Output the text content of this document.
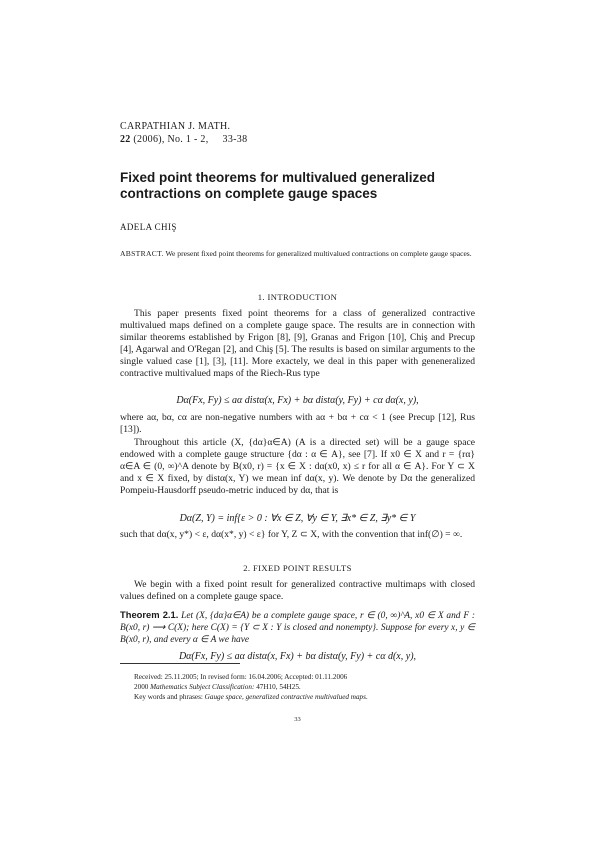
CARPATHIAN J. MATH.
22 (2006), No. 1 - 2, 33-38
Fixed point theorems for multivalued generalized contractions on complete gauge spaces
ADELA CHIŞ
ABSTRACT. We present fixed point theorems for generalized multivalued contractions on complete gauge spaces.
1. INTRODUCTION
This paper presents fixed point theorems for a class of generalized contractive multivalued maps defined on a complete gauge space. The results are in connection with similar theorems established by Frigon [8], [9], Granas and Frigon [10], Chiş and Precup [4], Agarwal and O'Regan [2], and Chiş [5]. The results is based on similar arguments to the single valued case [1], [3], [11]. More exactely, we deal in this paper with geneneralized contractive multivalued maps of the Riech-Rus type
Dα(Fx, Fy) ≤ aα distα(x, Fx) + bα distα(y, Fy) + cα dα(x, y),
where aα, bα, cα are non-negative numbers with aα + bα + cα < 1 (see Precup [12], Rus [13]).
Throughout this article (X, {dα}α∈A) (A is a directed set) will be a gauge space endowed with a complete gauge structure {dα : α ∈ A}, see [7]. If x0 ∈ X and r = {rα}α∈A ∈ (0, ∞)^A denote by B(x0, r) = {x ∈ X : dα(x0, x) ≤ r for all α ∈ A}. For Y ⊂ X and x ∈ X fixed, by distα(x, Y) we mean inf dα(x, y). We denote by Dα the generalized Pompeiu-Hausdorff pseudo-metric induced by dα, that is
Dα(Z, Y) = inf{ε > 0 : ∀x ∈ Z, ∀y ∈ Y, ∃x* ∈ Z, ∃y* ∈ Y
such that dα(x, y*) < ε, dα(x*, y) < ε} for Y, Z ⊂ X, with the convention that inf(∅) = ∞.
2. FIXED POINT RESULTS
We begin with a fixed point result for generalized contractive multimaps with closed values defined on a complete gauge space.
Theorem 2.1. Let (X, {dα}α∈A) be a complete gauge space, r ∈ (0, ∞)^A, x0 ∈ X and F : B(x0, r) ⟶ C(X); here C(X) = {Y ⊂ X : Y is closed and nonempty}. Suppose for every x, y ∈ B(x0, r), and every α ∈ A we have
Dα(Fx, Fy) ≤ aα distα(x, Fx) + bα distα(y, Fy) + cα d(x, y),
Received: 25.11.2005; In revised form: 16.04.2006; Accepted: 01.11.2006
2000 Mathematics Subject Classification: 47H10, 54H25.
Key words and phrases: Gauge space, generalized contractive multivalued maps.
33
